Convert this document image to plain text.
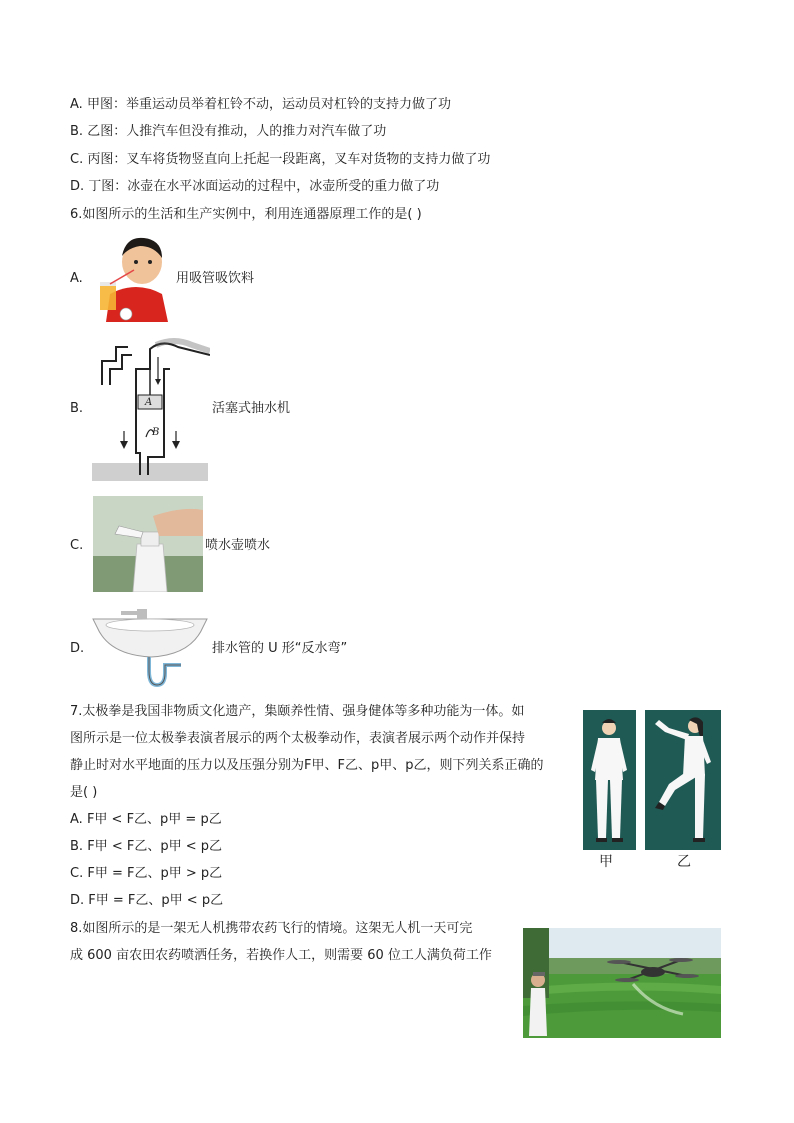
A. 甲图：举重运动员举着杠铃不动，运动员对杠铃的支持力做了功
B. 乙图：人推汽车但没有推动，人的推力对汽车做了功
C. 丙图：叉车将货物竖直向上托起一段距离，叉车对货物的支持力做了功
D. 丁图：冰壶在水平冰面运动的过程中，冰壶所受的重力做了功
6.如图所示的生活和生产实例中，利用连通器原理工作的是( )
A.	用吸管吸饮料
B.	A
B
活塞式抽水机
C.	喷水壶喷水
D.	排水管的 U 形“反水弯”
7.太极拳是我国非物质文化遗产，集颐养性情、强身健体等多种功能为一体。如
图所示是一位太极拳表演者展示的两个太极拳动作，表演者展示两个动作并保持
静止时对水平地面的压力以及压强分别为F甲、F乙、p甲、p乙，则下列关系正确的
是( )
A. F甲 < F乙、p甲 = p乙
B. F甲 < F乙、p甲 < p乙
C. F甲 = F乙、p甲 > p乙
D. F甲 = F乙、p甲 < p乙
甲	乙
8.如图所示的是一架无人机携带农药飞行的情境。这架无人机一天可完
成 600 亩农田农药喷洒任务，若换作人工，则需要 60 位工人满负荷工作
